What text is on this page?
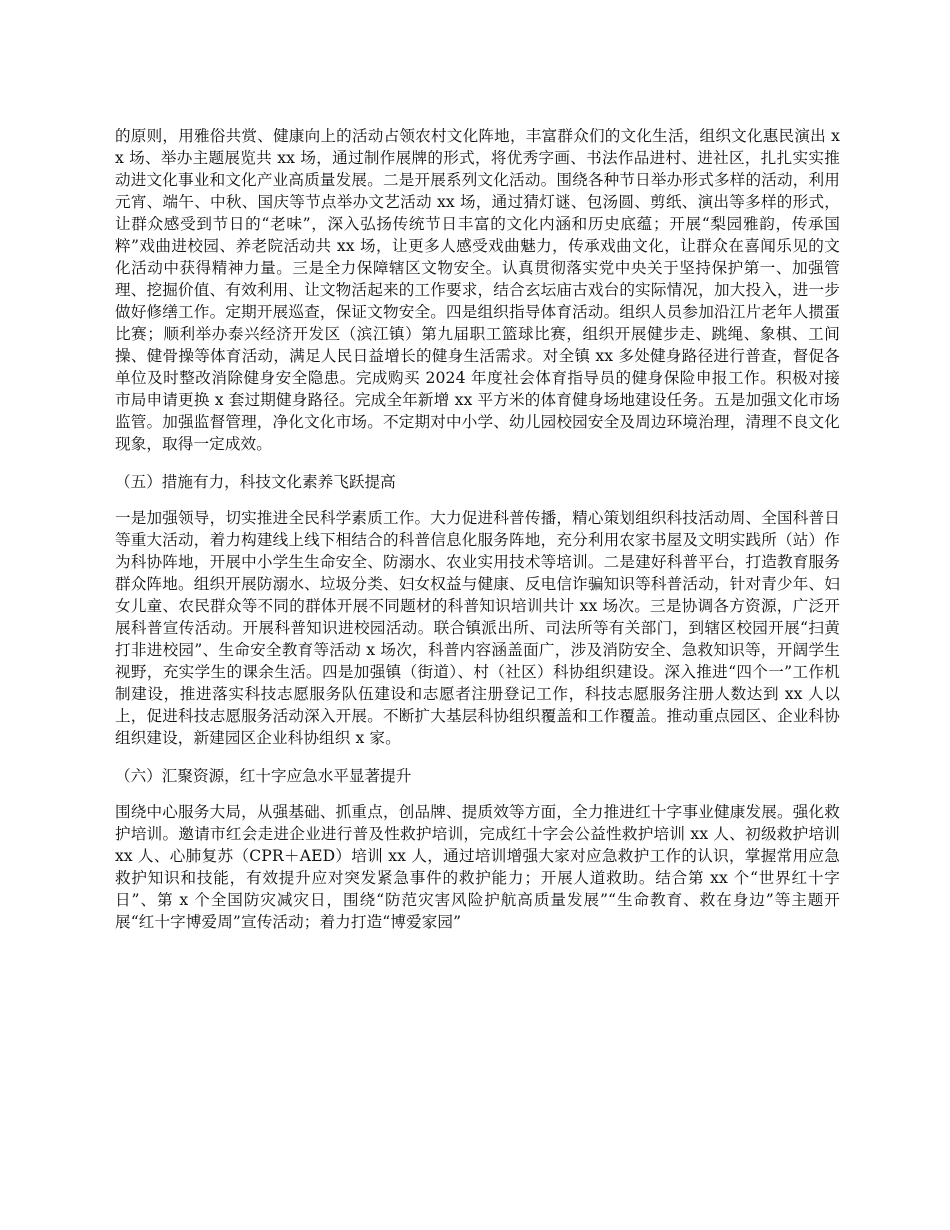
的原则，用雅俗共赏、健康向上的活动占领农村文化阵地，丰富群众们的文化生活，组织文化惠民演出 xx 场、举办主题展览共 xx 场，通过制作展牌的形式，将优秀字画、书法作品进村、进社区，扎扎实实推动进文化事业和文化产业高质量发展。二是开展系列文化活动。围绕各种节日举办形式多样的活动，利用元宵、端午、中秋、国庆等节点举办文艺活动 xx 场，通过猜灯谜、包汤圆、剪纸、演出等多样的形式，让群众感受到节日的“老味”，深入弘扬传统节日丰富的文化内涵和历史底蕴；开展“梨园雅韵，传承国粹”戏曲进校园、养老院活动共 xx 场，让更多人感受戏曲魅力，传承戏曲文化，让群众在喜闻乐见的文化活动中获得精神力量。三是全力保障辖区文物安全。认真贯彻落实党中央关于坚持保护第一、加强管理、挖掘价值、有效利用、让文物活起来的工作要求，结合玄坛庙古戏台的实际情况，加大投入，进一步做好修缮工作。定期开展巡查，保证文物安全。四是组织指导体育活动。组织人员参加沿江片老年人掼蛋比赛；顺利举办泰兴经济开发区（滨江镇）第九届职工篮球比赛，组织开展健步走、跳绳、象棋、工间操、健骨操等体育活动，满足人民日益增长的健身生活需求。对全镇 xx 多处健身路径进行普查，督促各单位及时整改消除健身安全隐患。完成购买 2024 年度社会体育指导员的健身保险申报工作。积极对接市局申请更换 x 套过期健身路径。完成全年新增 xx 平方米的体育健身场地建设任务。五是加强文化市场监管。加强监督管理，净化文化市场。不定期对中小学、幼儿园校园安全及周边环境治理，清理不良文化现象，取得一定成效。

（五）措施有力，科技文化素养飞跃提高

一是加强领导，切实推进全民科学素质工作。大力促进科普传播，精心策划组织科技活动周、全国科普日等重大活动，着力构建线上线下相结合的科普信息化服务阵地，充分利用农家书屋及文明实践所（站）作为科协阵地，开展中小学生生命安全、防溺水、农业实用技术等培训。二是建好科普平台，打造教育服务群众阵地。组织开展防溺水、垃圾分类、妇女权益与健康、反电信诈骗知识等科普活动，针对青少年、妇女儿童、农民群众等不同的群体开展不同题材的科普知识培训共计 xx 场次。三是协调各方资源，广泛开展科普宣传活动。开展科普知识进校园活动。联合镇派出所、司法所等有关部门，到辖区校园开展“扫黄打非进校园”、生命安全教育等活动 x 场次，科普内容涵盖面广，涉及消防安全、急救知识等，开阔学生视野，充实学生的课余生活。四是加强镇（街道）、村（社区）科协组织建设。深入推进“四个一”工作机制建设，推进落实科技志愿服务队伍建设和志愿者注册登记工作，科技志愿服务注册人数达到 xx 人以上，促进科技志愿服务活动深入开展。不断扩大基层科协组织覆盖和工作覆盖。推动重点园区、企业科协组织建设，新建园区企业科协组织 x 家。

（六）汇聚资源，红十字应急水平显著提升

围绕中心服务大局，从强基础、抓重点，创品牌、提质效等方面，全力推进红十字事业健康发展。强化救护培训。邀请市红会走进企业进行普及性救护培训，完成红十字会公益性救护培训 xx 人、初级救护培训 xx 人、心肺复苏（CPR＋AED）培训 xx 人，通过培训增强大家对应急救护工作的认识，掌握常用应急救护知识和技能，有效提升应对突发紧急事件的救护能力；开展人道救助。结合第 xx 个“世界红十字日”、第 x 个全国防灾减灾日，围绕“防范灾害风险护航高质量发展”“生命教育、救在身边”等主题开展“红十字博爱周”宣传活动；着力打造“博爱家园”
